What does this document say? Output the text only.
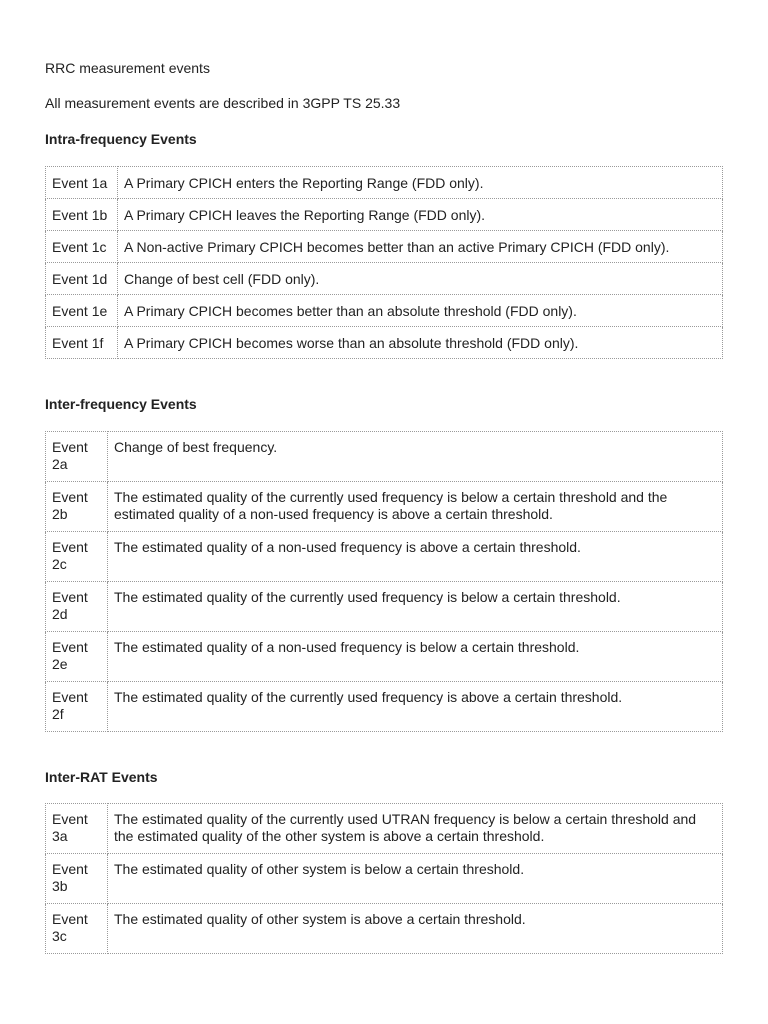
RRC measurement events
All measurement events are described in 3GPP TS 25.33
Intra-frequency Events
Event 1a	A Primary CPICH enters the Reporting Range (FDD only).
Event 1b	A Primary CPICH leaves the Reporting Range (FDD only).
Event 1c	A Non-active Primary CPICH becomes better than an active Primary CPICH (FDD only).
Event 1d	Change of best cell (FDD only).
Event 1e	A Primary CPICH becomes better than an absolute threshold (FDD only).
Event 1f	A Primary CPICH becomes worse than an absolute threshold (FDD only).
Inter-frequency Events
Event 2a	Change of best frequency.
Event 2b	The estimated quality of the currently used frequency is below a certain threshold and the estimated quality of a non-used frequency is above a certain threshold.
Event 2c	The estimated quality of a non-used frequency is above a certain threshold.
Event 2d	The estimated quality of the currently used frequency is below a certain threshold.
Event 2e	The estimated quality of a non-used frequency is below a certain threshold.
Event 2f	The estimated quality of the currently used frequency is above a certain threshold.
Inter-RAT Events
Event 3a	The estimated quality of the currently used UTRAN frequency is below a certain threshold and the estimated quality of the other system is above a certain threshold.
Event 3b	The estimated quality of other system is below a certain threshold.
Event 3c	The estimated quality of other system is above a certain threshold.
